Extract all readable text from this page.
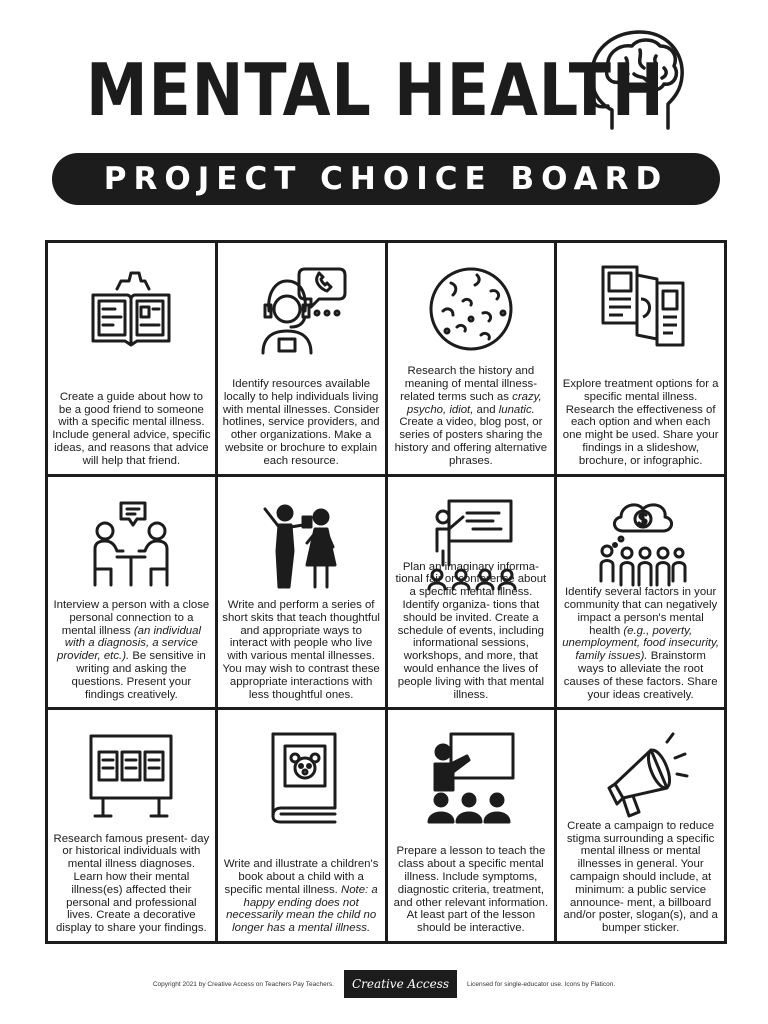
MENTAL HEALTH
PROJECT CHOICE BOARD
Create a guide about how to be a good friend to someone with a specific mental illness. Include general advice, specific ideas, and reasons that advice will help that friend.
Identify resources available locally to help individuals living with mental illnesses. Consider hotlines, service providers, and other organizations. Make a website or brochure to explain each resource.
Research the history and meaning of mental illness-related terms such as crazy, psycho, idiot, and lunatic. Create a video, blog post, or series of posters sharing the history and offering alternative phrases.
Explore treatment options for a specific mental illness. Research the effectiveness of each option and when each one might be used. Share your findings in a slideshow, brochure, or infographic.
Interview a person with a close personal connection to a mental illness (an individual with a diagnosis, a service provider, etc.). Be sensitive in writing and asking the questions. Present your findings creatively.
Write and perform a series of short skits that teach thoughtful and appropriate ways to interact with people who live with various mental illnesses. You may wish to contrast these appropriate interactions with less thoughtful ones.
Plan an imaginary informa- tional fair or conference about a specific mental illness. Identify organiza- tions that should be invited. Create a schedule of events, including informational sessions, workshops, and more, that would enhance the lives of people living with that mental illness.
Identify several factors in your community that can negatively impact a person's mental health (e.g., poverty, unemployment, food insecurity, family issues). Brainstorm ways to alleviate the root causes of these factors. Share your ideas creatively.
Research famous present- day or historical individuals with mental illness diagnoses. Learn how their mental illness(es) affected their personal and professional lives. Create a decorative display to share your findings.
Write and illustrate a children's book about a child with a specific mental illness. Note: a happy ending does not necessarily mean the child no longer has a mental illness.
Prepare a lesson to teach the class about a specific mental illness. Include symptoms, diagnostic criteria, treatment, and other relevant information. At least part of the lesson should be interactive.
Create a campaign to reduce stigma surrounding a specific mental illness or mental illnesses in general. Your campaign should include, at minimum: a public service announce- ment, a billboard and/or poster, slogan(s), and a bumper sticker.
Copyright 2021 by Creative Access on Teachers Pay Teachers.	Creative Access	Licensed for single-educator use. Icons by Flaticon.
